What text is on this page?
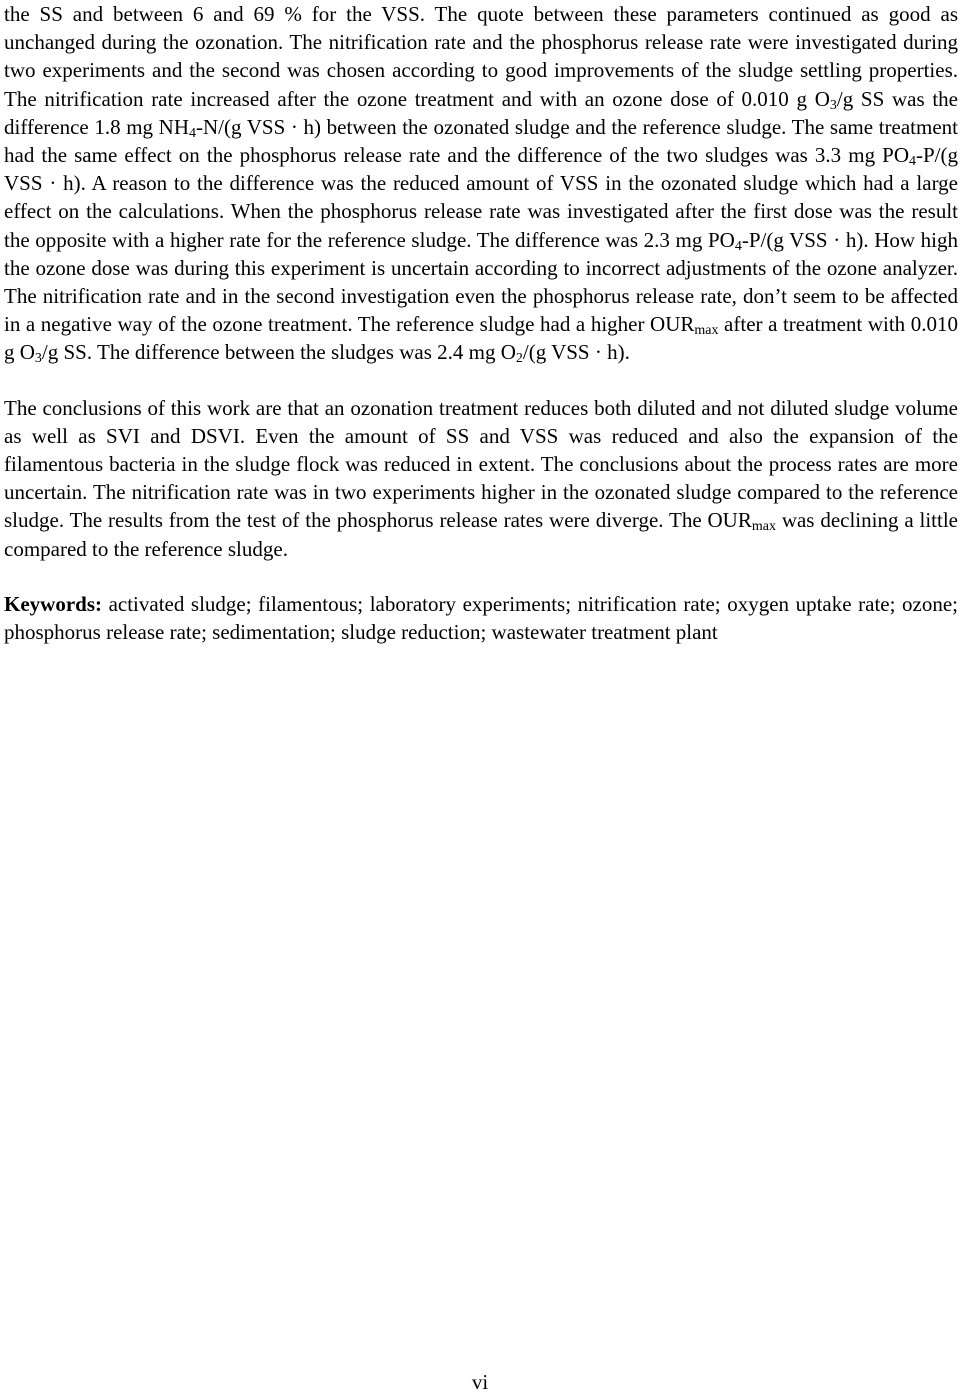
the SS and between 6 and 69 % for the VSS. The quote between these parameters continued as good as unchanged during the ozonation. The nitrification rate and the phosphorus release rate were investigated during two experiments and the second was chosen according to good improvements of the sludge settling properties. The nitrification rate increased after the ozone treatment and with an ozone dose of 0.010 g $O_3/g$ SS was the difference 1.8 mg $NH_4-N/(g$ VSS · h) between the ozonated sludge and the reference sludge. The same treatment had the same effect on the phosphorus release rate and the difference of the two sludges was 3.3 mg $PO_4-P/(g$ VSS · h). A reason to the difference was the reduced amount of VSS in the ozonated sludge which had a large effect on the calculations. When the phosphorus release rate was investigated after the first dose was the result the opposite with a higher rate for the reference sludge. The difference was 2.3 mg $PO_4-P/(g$ VSS · h). How high the ozone dose was during this experiment is uncertain according to incorrect adjustments of the ozone analyzer. The nitrification rate and in the second investigation even the phosphorus release rate, don’t seem to be affected in a negative way of the ozone treatment. The reference sludge had a higher $OUR_{max}$ after a treatment with 0.010 g $O_3/g$ SS. The difference between the sludges was 2.4 mg $O_2/(g$ VSS · h).

The conclusions of this work are that an ozonation treatment reduces both diluted and not diluted sludge volume as well as SVI and DSVI. Even the amount of SS and VSS was reduced and also the expansion of the filamentous bacteria in the sludge flock was reduced in extent. The conclusions about the process rates are more uncertain. The nitrification rate was in two experiments higher in the ozonated sludge compared to the reference sludge. The results from the test of the phosphorus release rates were diverge. The $OUR_{max}$ was declining a little compared to the reference sludge.

Keywords: activated sludge; filamentous; laboratory experiments; nitrification rate; oxygen uptake rate; ozone; phosphorus release rate; sedimentation; sludge reduction; wastewater treatment plant

vi
